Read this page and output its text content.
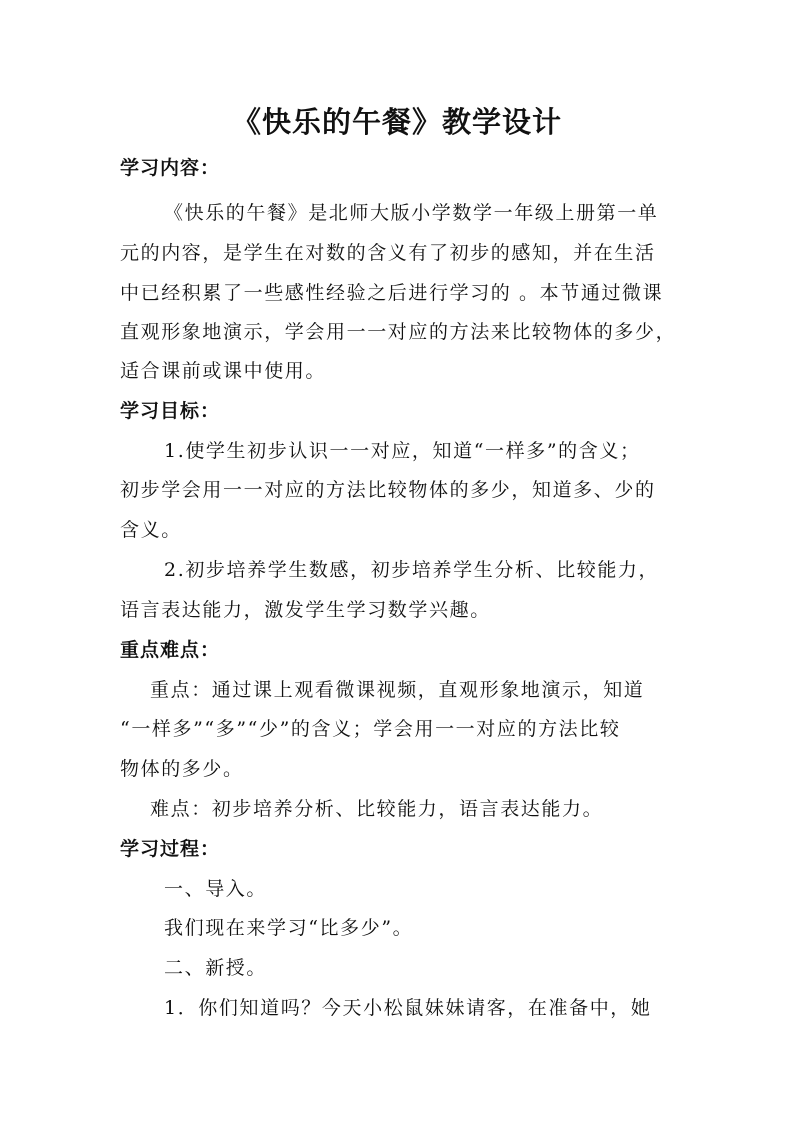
《快乐的午餐》教学设计
学习内容：
《快乐的午餐》是北师大版小学数学一年级上册第一单
元的内容，是学生在对数的含义有了初步的感知，并在生活
中已经积累了一些感性经验之后进行学习的 。本节通过微课
直观形象地演示，学会用一一对应的方法来比较物体的多少，
适合课前或课中使用。
学习目标：
1.使学生初步认识一一对应，知道“一样多”的含义；
初步学会用一一对应的方法比较物体的多少，知道多、少的
含义。
2.初步培养学生数感，初步培养学生分析、比较能力，
语言表达能力，激发学生学习数学兴趣。
重点难点：
重点：通过课上观看微课视频，直观形象地演示，知道
“一样多”“多”“少”的含义；学会用一一对应的方法比较
物体的多少。
难点：初步培养分析、比较能力，语言表达能力。
学习过程：
一、导入。
我们现在来学习“比多少”。
二、新授。
1．你们知道吗？今天小松鼠妹妹请客，在准备中，她
